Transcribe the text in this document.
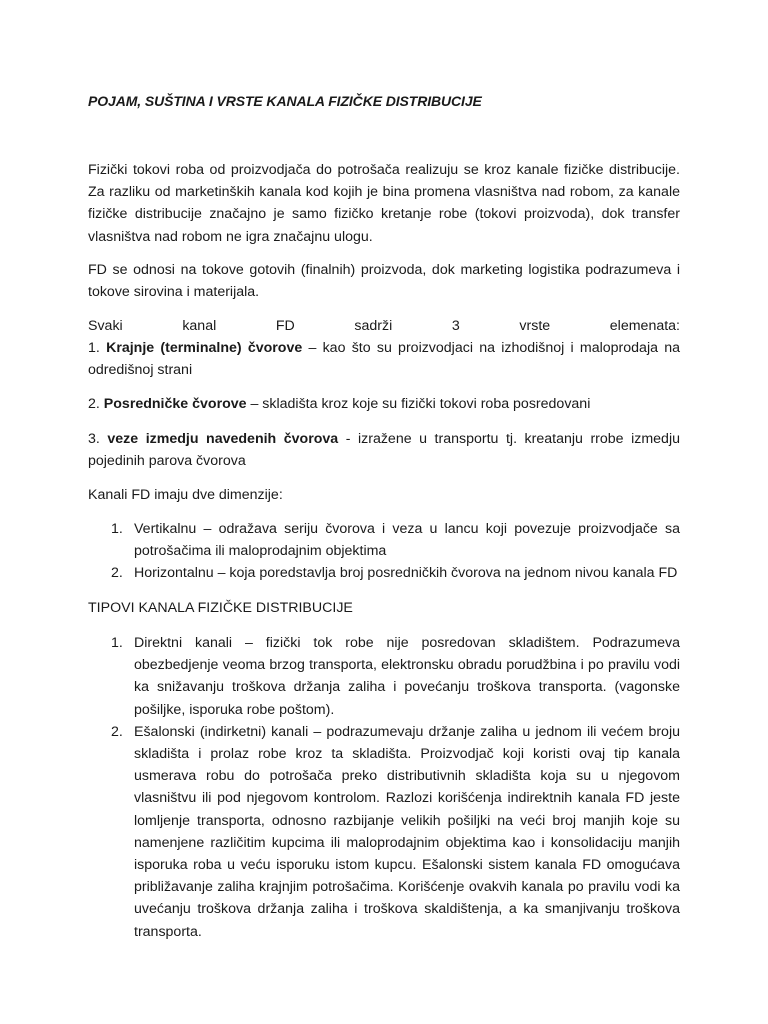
POJAM, SUŠTINA I VRSTE KANALA FIZIČKE DISTRIBUCIJE

Fizički tokovi roba od proizvodjača do potrošača realizuju se kroz kanale fizičke distribucije. Za razliku od marketinških kanala kod kojih je bina promena vlasništva nad robom, za kanale fizičke distribucije značajno je samo fizičko kretanje robe (tokovi proizvoda), dok transfer vlasništva nad robom ne igra značajnu ulogu.

FD se odnosi na tokove gotovih (finalnih) proizvoda, dok marketing logistika podrazumeva i tokove sirovina i materijala.

Svaki	kanal	FD	sadrži	3	vrste	elemenata:
1. Krajnje (terminalne) čvorove – kao što su proizvodjaci na izhodišnoj i maloprodaja na odredišnoj strani

2. Posredničke čvorove – skladišta kroz koje su fizički tokovi roba posredovani

3. veze izmedju navedenih čvorova - izražene u transportu tj. kreatanju rrobe izmedju pojedinih parova čvorova

Kanali FD imaju dve dimenzije:

1. Vertikalnu – odražava seriju čvorova i veza u lancu koji povezuje proizvodjače sa potrošačima ili maloprodajnim objektima
2. Horizontalnu – koja poredstavlja broj posredničkih čvorova na jednom nivou kanala FD

TIPOVI KANALA FIZIČKE DISTRIBUCIJE

1. Direktni kanali – fizički tok robe nije posredovan skladištem. Podrazumeva obezbedjenje veoma brzog transporta, elektronsku obradu porudžbina i po pravilu vodi ka snižavanju troškova držanja zaliha i povećanju troškova transporta. (vagonske pošiljke, isporuka robe poštom).
2. Ešalonski (indirketni) kanali – podrazumevaju držanje zaliha u jednom ili većem broju skladišta i prolaz robe kroz ta skladišta. Proizvodjač koji koristi ovaj tip kanala usmerava robu do potrošača preko distributivnih skladišta koja su u njegovom vlasništvu ili pod njegovom kontrolom. Razlozi korišćenja indirektnih kanala FD jeste lomljenje transporta, odnosno razbijanje velikih pošiljki na veći broj manjih koje su namenjene različitim kupcima ili maloprodajnim objektima kao i konsolidaciju manjih isporuka roba u veću isporuku istom kupcu. Ešalonski sistem kanala FD omogućava približavanje zaliha krajnjim potrošačima. Korišćenje ovakvih kanala po pravilu vodi ka uvećanju troškova držanja zaliha i troškova skaldištenja, a ka smanjivanju troškova transporta.
